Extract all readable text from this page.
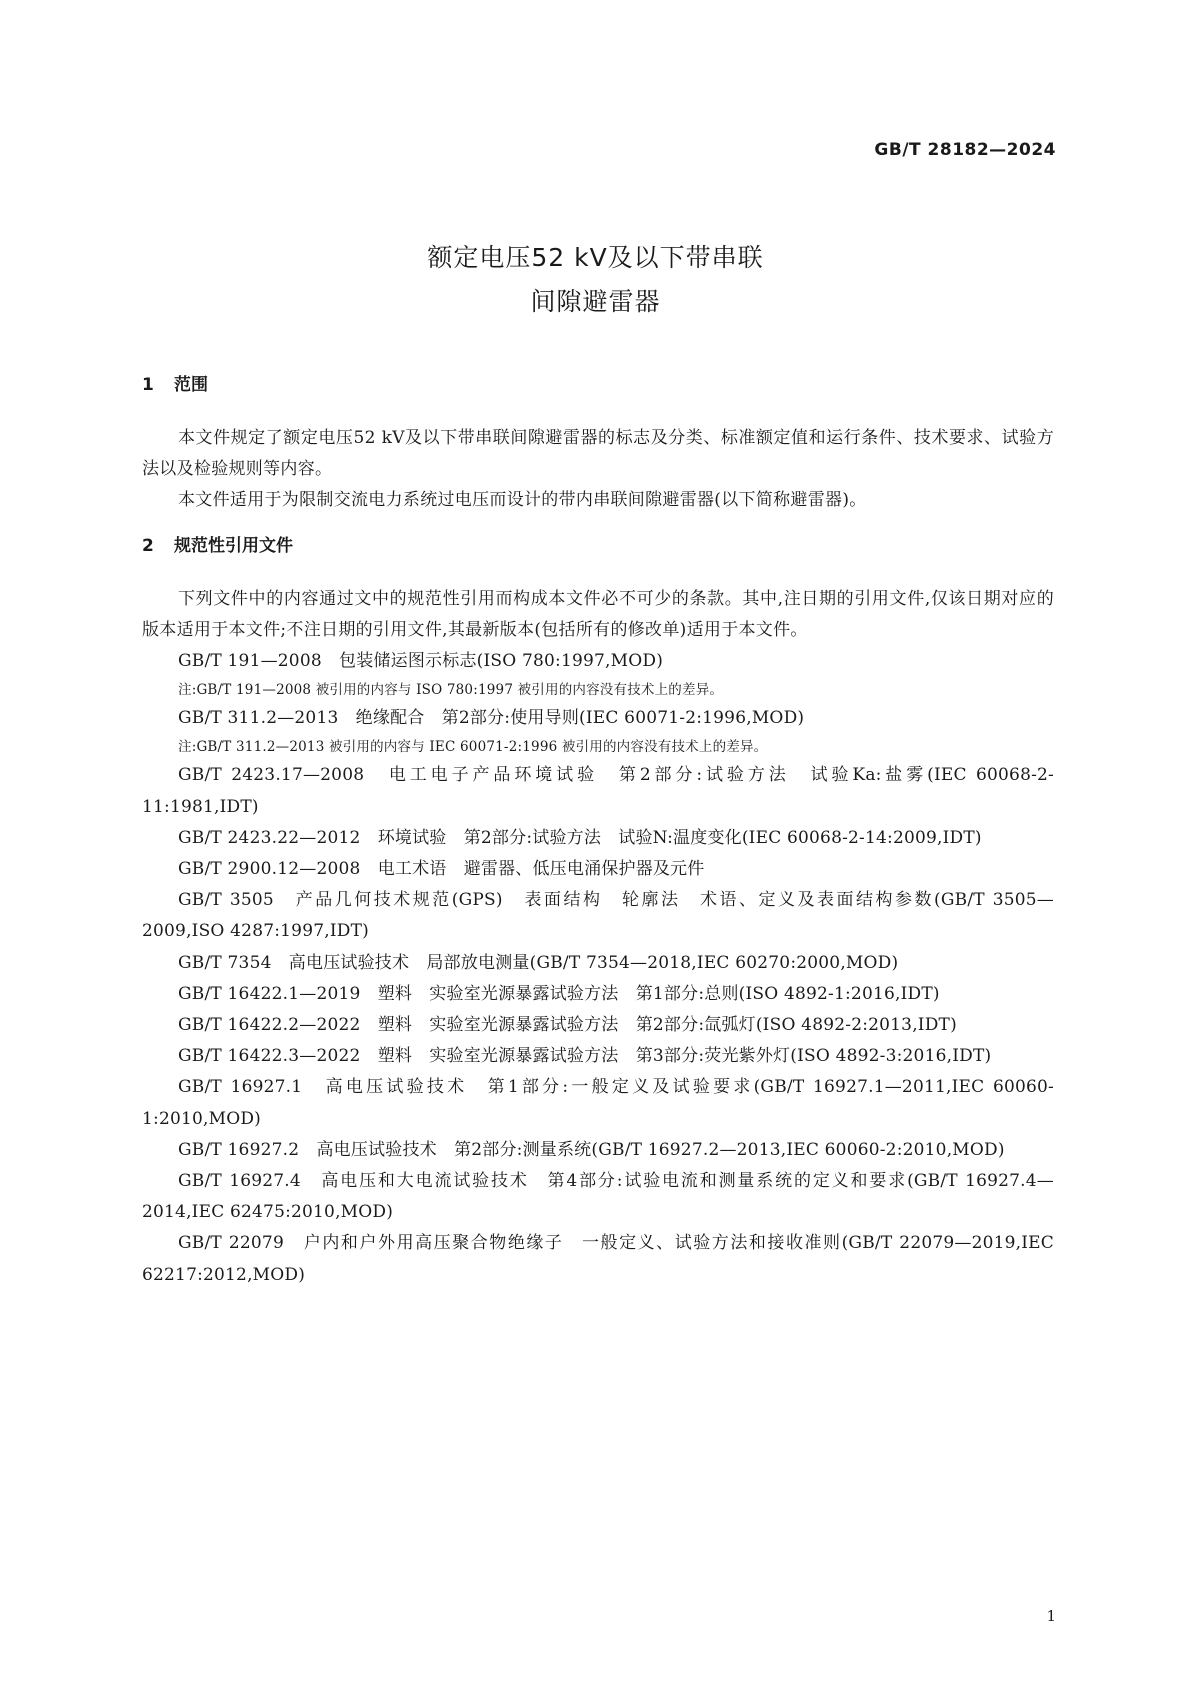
GB/T 28182—2024
额定电压52 kV及以下带串联
间隙避雷器
1 范围
本文件规定了额定电压52 kV及以下带串联间隙避雷器的标志及分类、标准额定值和运行条件、技术要求、试验方法以及检验规则等内容。
本文件适用于为限制交流电力系统过电压而设计的带内串联间隙避雷器(以下简称避雷器)。
2 规范性引用文件
下列文件中的内容通过文中的规范性引用而构成本文件必不可少的条款。其中,注日期的引用文件,仅该日期对应的版本适用于本文件;不注日期的引用文件,其最新版本(包括所有的修改单)适用于本文件。
GB/T 191—2008　包装储运图示标志(ISO 780:1997,MOD)
注:GB/T 191—2008 被引用的内容与 ISO 780:1997 被引用的内容没有技术上的差异。
GB/T 311.2—2013　绝缘配合　第2部分:使用导则(IEC 60071-2:1996,MOD)
注:GB/T 311.2—2013 被引用的内容与 IEC 60071-2:1996 被引用的内容没有技术上的差异。
GB/T 2423.17—2008　电工电子产品环境试验　第2部分:试验方法　试验Ka:盐雾(IEC 60068-2-11:1981,IDT)
GB/T 2423.22—2012　环境试验　第2部分:试验方法　试验N:温度变化(IEC 60068-2-14:2009,IDT)
GB/T 2900.12—2008　电工术语　避雷器、低压电涌保护器及元件
GB/T 3505　产品几何技术规范(GPS)　表面结构　轮廓法　术语、定义及表面结构参数(GB/T 3505—2009,ISO 4287:1997,IDT)
GB/T 7354　高电压试验技术　局部放电测量(GB/T 7354—2018,IEC 60270:2000,MOD)
GB/T 16422.1—2019　塑料　实验室光源暴露试验方法　第1部分:总则(ISO 4892-1:2016,IDT)
GB/T 16422.2—2022　塑料　实验室光源暴露试验方法　第2部分:氙弧灯(ISO 4892-2:2013,IDT)
GB/T 16422.3—2022　塑料　实验室光源暴露试验方法　第3部分:荧光紫外灯(ISO 4892-3:2016,IDT)
GB/T 16927.1　高电压试验技术　第1部分:一般定义及试验要求(GB/T 16927.1—2011,IEC 60060-1:2010,MOD)
GB/T 16927.2　高电压试验技术　第2部分:测量系统(GB/T 16927.2—2013,IEC 60060-2:2010,MOD)
GB/T 16927.4　高电压和大电流试验技术　第4部分:试验电流和测量系统的定义和要求(GB/T 16927.4—2014,IEC 62475:2010,MOD)
GB/T 22079　户内和户外用高压聚合物绝缘子　一般定义、试验方法和接收准则(GB/T 22079—2019,IEC 62217:2012,MOD)
1
